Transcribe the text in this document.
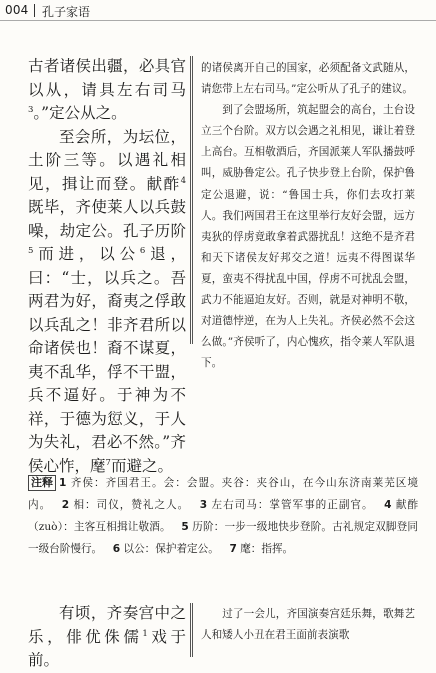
004 孔子家语

古者诸侯出疆，必具官以从，请具左右司马$^3$。”定公从之。

至会所，为坛位，土阶三等。以遇礼相见，揖让而登。献酢$^4$既毕，齐使莱人以兵鼓噪，劫定公。孔子历阶$^5$而进，以公$^6$退，曰：“士，以兵之。吾两君为好，裔夷之俘敢以兵乱之！非齐君所以命诸侯也！裔不谋夏，夷不乱华，俘不干盟，兵不逼好。于神为不祥，于德为愆义，于人为失礼，君必不然。”齐侯心怍，麾$^7$而避之。

的诸侯离开自己的国家，必须配备文武随从，请您带上左右司马。”定公听从了孔子的建议。

到了会盟场所，筑起盟会的高台，土台设立三个台阶。双方以会遇之礼相见，谦让着登上高台。互相敬酒后，齐国派莱人军队播鼓呼叫，威胁鲁定公。孔子快步登上台阶，保护鲁定公退避，说：“鲁国士兵，你们去攻打莱人。我们两国君王在这里举行友好会盟，远方夷狄的俘虏竟敢拿着武器扰乱！这绝不是齐君和天下诸侯友好邦交之道！远夷不得图谋华夏，蛮夷不得扰乱中国，俘虏不可扰乱会盟，武力不能逼迫友好。否则，就是对神明不敬，对道德悖逆，在为人上失礼。齐侯必然不会这么做。”齐侯听了，内心愧疚，指令莱人军队退下。

注释 1 齐侯：齐国君王。会：会盟。夹谷：夹谷山，在今山东济南莱芜区境内。  2 相：司仪，赞礼之人。  3 左右司马：掌管军事的正副官。  4 献酢（zuò）：主客互相揖让敬酒。  5 历阶：一步一级地快步登阶。古礼规定双脚登同一级台阶慢行。  6 以公：保护着定公。  7 麾：指挥。

有顷，齐奏宫中之乐，俳优侏儒$^1$戏于前。

过了一会儿，齐国演奏宫廷乐舞，歌舞艺人和矮人小丑在君王面前表演歌
